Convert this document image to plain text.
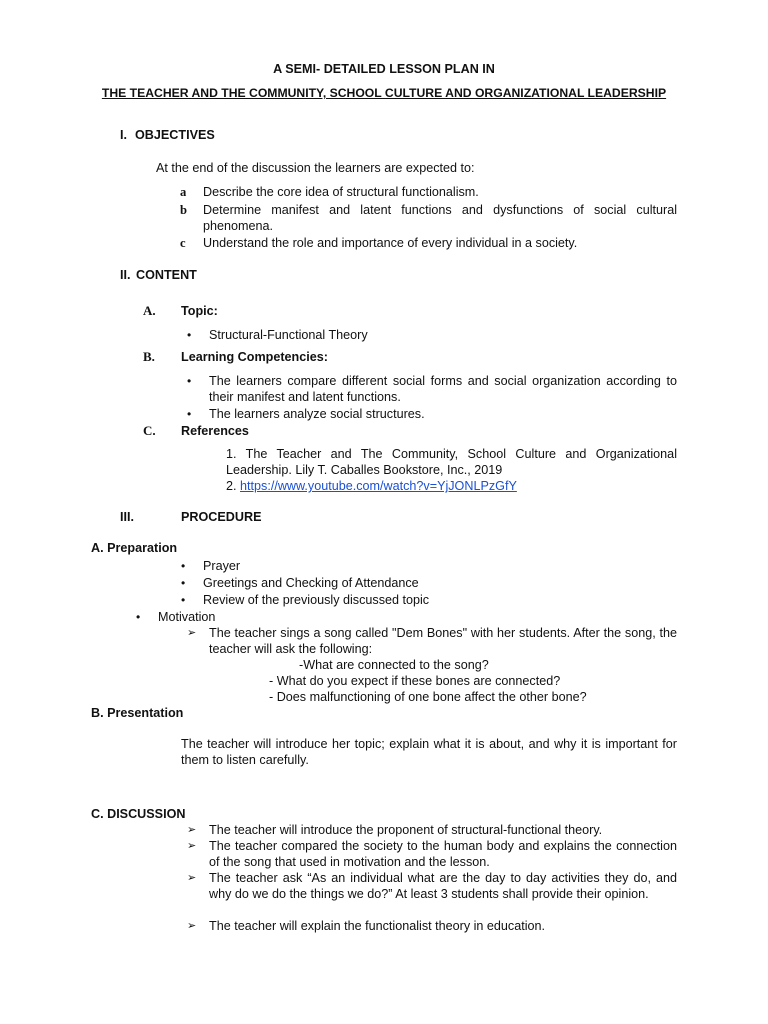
A SEMI- DETAILED LESSON PLAN IN
THE TEACHER AND THE COMMUNITY, SCHOOL CULTURE AND ORGANIZATIONAL LEADERSHIP
I. OBJECTIVES
At the end of the discussion the learners are expected to:
a Describe the core idea of structural functionalism.
b Determine manifest and latent functions and dysfunctions of social cultural phenomena.
c Understand the role and importance of every individual in a society.
II. CONTENT
A. Topic:
• Structural-Functional Theory
B. Learning Competencies:
• The learners compare different social forms and social organization according to their manifest and latent functions.
• The learners analyze social structures.
C. References
1. The Teacher and The Community, School Culture and Organizational Leadership. Lily T. Caballes Bookstore, Inc., 2019
2. https://www.youtube.com/watch?v=YjJONLPzGfY
III.	PROCEDURE
A. Preparation
• Prayer
• Greetings and Checking of Attendance
• Review of the previously discussed topic
• Motivation
➢ The teacher sings a song called "Dem Bones" with her students. After the song, the teacher will ask the following:
-What are connected to the song?
- What do you expect if these bones are connected?
- Does malfunctioning of one bone affect the other bone?
B. Presentation
The teacher will introduce her topic; explain what it is about, and why it is important for them to listen carefully.
C. DISCUSSION
➢ The teacher will introduce the proponent of structural-functional theory.
➢ The teacher compared the society to the human body and explains the connection of the song that used in motivation and the lesson.
➢ The teacher ask “As an individual what are the day to day activities they do, and why do we do the things we do?” At least 3 students shall provide their opinion.
➢ The teacher will explain the functionalist theory in education.
